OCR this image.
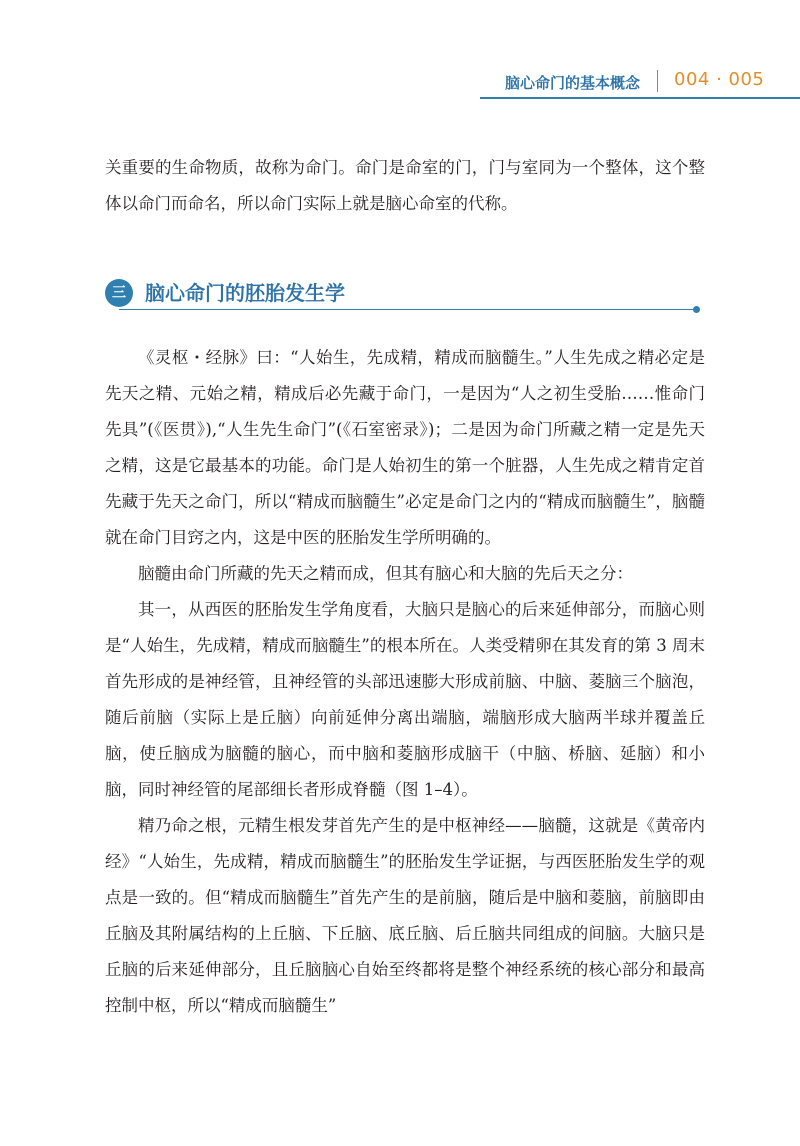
脑心命门的基本概念 004 · 005

关重要的生命物质，故称为命门。命门是命室的门，门与室同为一个整体，这个整体以命门而命名，所以命门实际上就是脑心命室的代称。

三 脑心命门的胚胎发生学

《灵枢・经脉》曰：“人始生，先成精，精成而脑髓生。”人生先成之精必定是先天之精、元始之精，精成后必先藏于命门，一是因为“人之初生受胎……惟命门先具”(《医贯》),“人生先生命门”(《石室密录》)；二是因为命门所藏之精一定是先天之精，这是它最基本的功能。命门是人始初生的第一个脏器，人生先成之精肯定首先藏于先天之命门，所以“精成而脑髓生”必定是命门之内的“精成而脑髓生”，脑髓就在命门目窍之内，这是中医的胚胎发生学所明确的。

脑髓由命门所藏的先天之精而成，但其有脑心和大脑的先后天之分：

其一，从西医的胚胎发生学角度看，大脑只是脑心的后来延伸部分，而脑心则是“人始生，先成精，精成而脑髓生”的根本所在。人类受精卵在其发育的第 3 周末首先形成的是神经管，且神经管的头部迅速膨大形成前脑、中脑、菱脑三个脑泡，随后前脑（实际上是丘脑）向前延伸分离出端脑，端脑形成大脑两半球并覆盖丘脑，使丘脑成为脑髓的脑心，而中脑和菱脑形成脑干（中脑、桥脑、延脑）和小脑，同时神经管的尾部细长者形成脊髓（图 1–4）。

精乃命之根，元精生根发芽首先产生的是中枢神经——脑髓，这就是《黄帝内经》“人始生，先成精，精成而脑髓生”的胚胎发生学证据，与西医胚胎发生学的观点是一致的。但“精成而脑髓生”首先产生的是前脑，随后是中脑和菱脑，前脑即由丘脑及其附属结构的上丘脑、下丘脑、底丘脑、后丘脑共同组成的间脑。大脑只是丘脑的后来延伸部分，且丘脑脑心自始至终都将是整个神经系统的核心部分和最高控制中枢，所以“精成而脑髓生”
